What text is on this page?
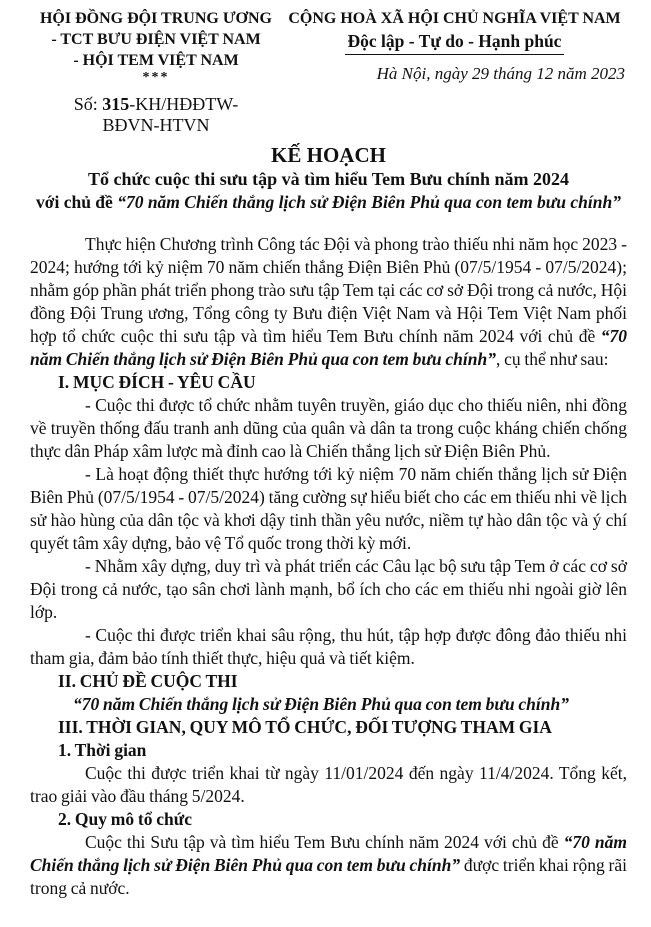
HỘI ĐỒNG ĐỘI TRUNG ƯƠNG
- TCT BƯU ĐIỆN VIỆT NAM
- HỘI TEM VIỆT NAM
***
Số: 315-KH/HĐĐTW-
BĐVN-HTVN
CỘNG HOÀ XÃ HỘI CHỦ NGHĨA VIỆT NAM
Độc lập - Tự do - Hạnh phúc
Hà Nội, ngày 29 tháng 12 năm 2023
KẾ HOẠCH
Tổ chức cuộc thi sưu tập và tìm hiểu Tem Bưu chính năm 2024
với chủ đề “70 năm Chiến thắng lịch sử Điện Biên Phủ qua con tem bưu chính”

Thực hiện Chương trình Công tác Đội và phong trào thiếu nhi năm học 2023 - 2024; hướng tới kỷ niệm 70 năm chiến thắng Điện Biên Phủ (07/5/1954 - 07/5/2024); nhằm góp phần phát triển phong trào sưu tập Tem tại các cơ sở Đội trong cả nước, Hội đồng Đội Trung ương, Tổng công ty Bưu điện Việt Nam và Hội Tem Việt Nam phối hợp tổ chức cuộc thi sưu tập và tìm hiểu Tem Bưu chính năm 2024 với chủ đề “70 năm Chiến thắng lịch sử Điện Biên Phủ qua con tem bưu chính”, cụ thể như sau:

I. MỤC ĐÍCH - YÊU CẦU

- Cuộc thi được tổ chức nhằm tuyên truyền, giáo dục cho thiếu niên, nhi đồng về truyền thống đấu tranh anh dũng của quân và dân ta trong cuộc kháng chiến chống thực dân Pháp xâm lược mà đỉnh cao là Chiến thắng lịch sử Điện Biên Phủ.

- Là hoạt động thiết thực hướng tới kỷ niệm 70 năm chiến thắng lịch sử Điện Biên Phủ (07/5/1954 - 07/5/2024) tăng cường sự hiểu biết cho các em thiếu nhi về lịch sử hào hùng của dân tộc và khơi dậy tinh thần yêu nước, niềm tự hào dân tộc và ý chí quyết tâm xây dựng, bảo vệ Tổ quốc trong thời kỳ mới.

- Nhằm xây dựng, duy trì và phát triển các Câu lạc bộ sưu tập Tem ở các cơ sở Đội trong cả nước, tạo sân chơi lành mạnh, bổ ích cho các em thiếu nhi ngoài giờ lên lớp.

- Cuộc thi được triển khai sâu rộng, thu hút, tập hợp được đông đảo thiếu nhi tham gia, đảm bảo tính thiết thực, hiệu quả và tiết kiệm.

II. CHỦ ĐỀ CUỘC THI

“70 năm Chiến thắng lịch sử Điện Biên Phủ qua con tem bưu chính”

III. THỜI GIAN, QUY MÔ TỔ CHỨC, ĐỐI TƯỢNG THAM GIA

1. Thời gian

Cuộc thi được triển khai từ ngày 11/01/2024 đến ngày 11/4/2024. Tổng kết, trao giải vào đầu tháng 5/2024.

2. Quy mô tổ chức

Cuộc thi Sưu tập và tìm hiểu Tem Bưu chính năm 2024 với chủ đề “70 năm Chiến thắng lịch sử Điện Biên Phủ qua con tem bưu chính” được triển khai rộng rãi trong cả nước.
